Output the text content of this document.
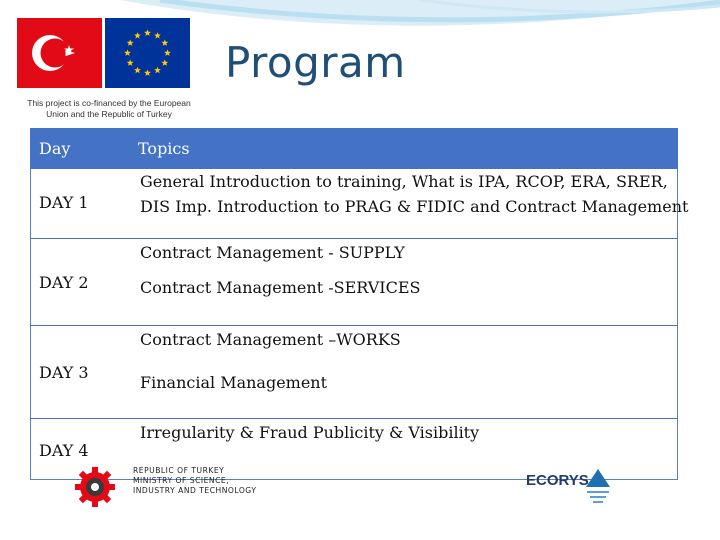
This project is co-financed by the European
Union and the Republic of Turkey
Program
Day	Topics
DAY 1
General Introduction to training, What is IPA, RCOP, ERA, SRER,
DIS Imp. Introduction to PRAG & FIDIC and Contract Management
DAY 2
Contract Management - SUPPLY
Contract Management -SERVICES
DAY 3
Contract Management –WORKS
Financial Management
DAY 4
Irregularity & Fraud Publicity & Visibility
REPUBLIC OF TURKEY
MINISTRY OF SCIENCE,
INDUSTRY AND TECHNOLOGY
ECORYS
